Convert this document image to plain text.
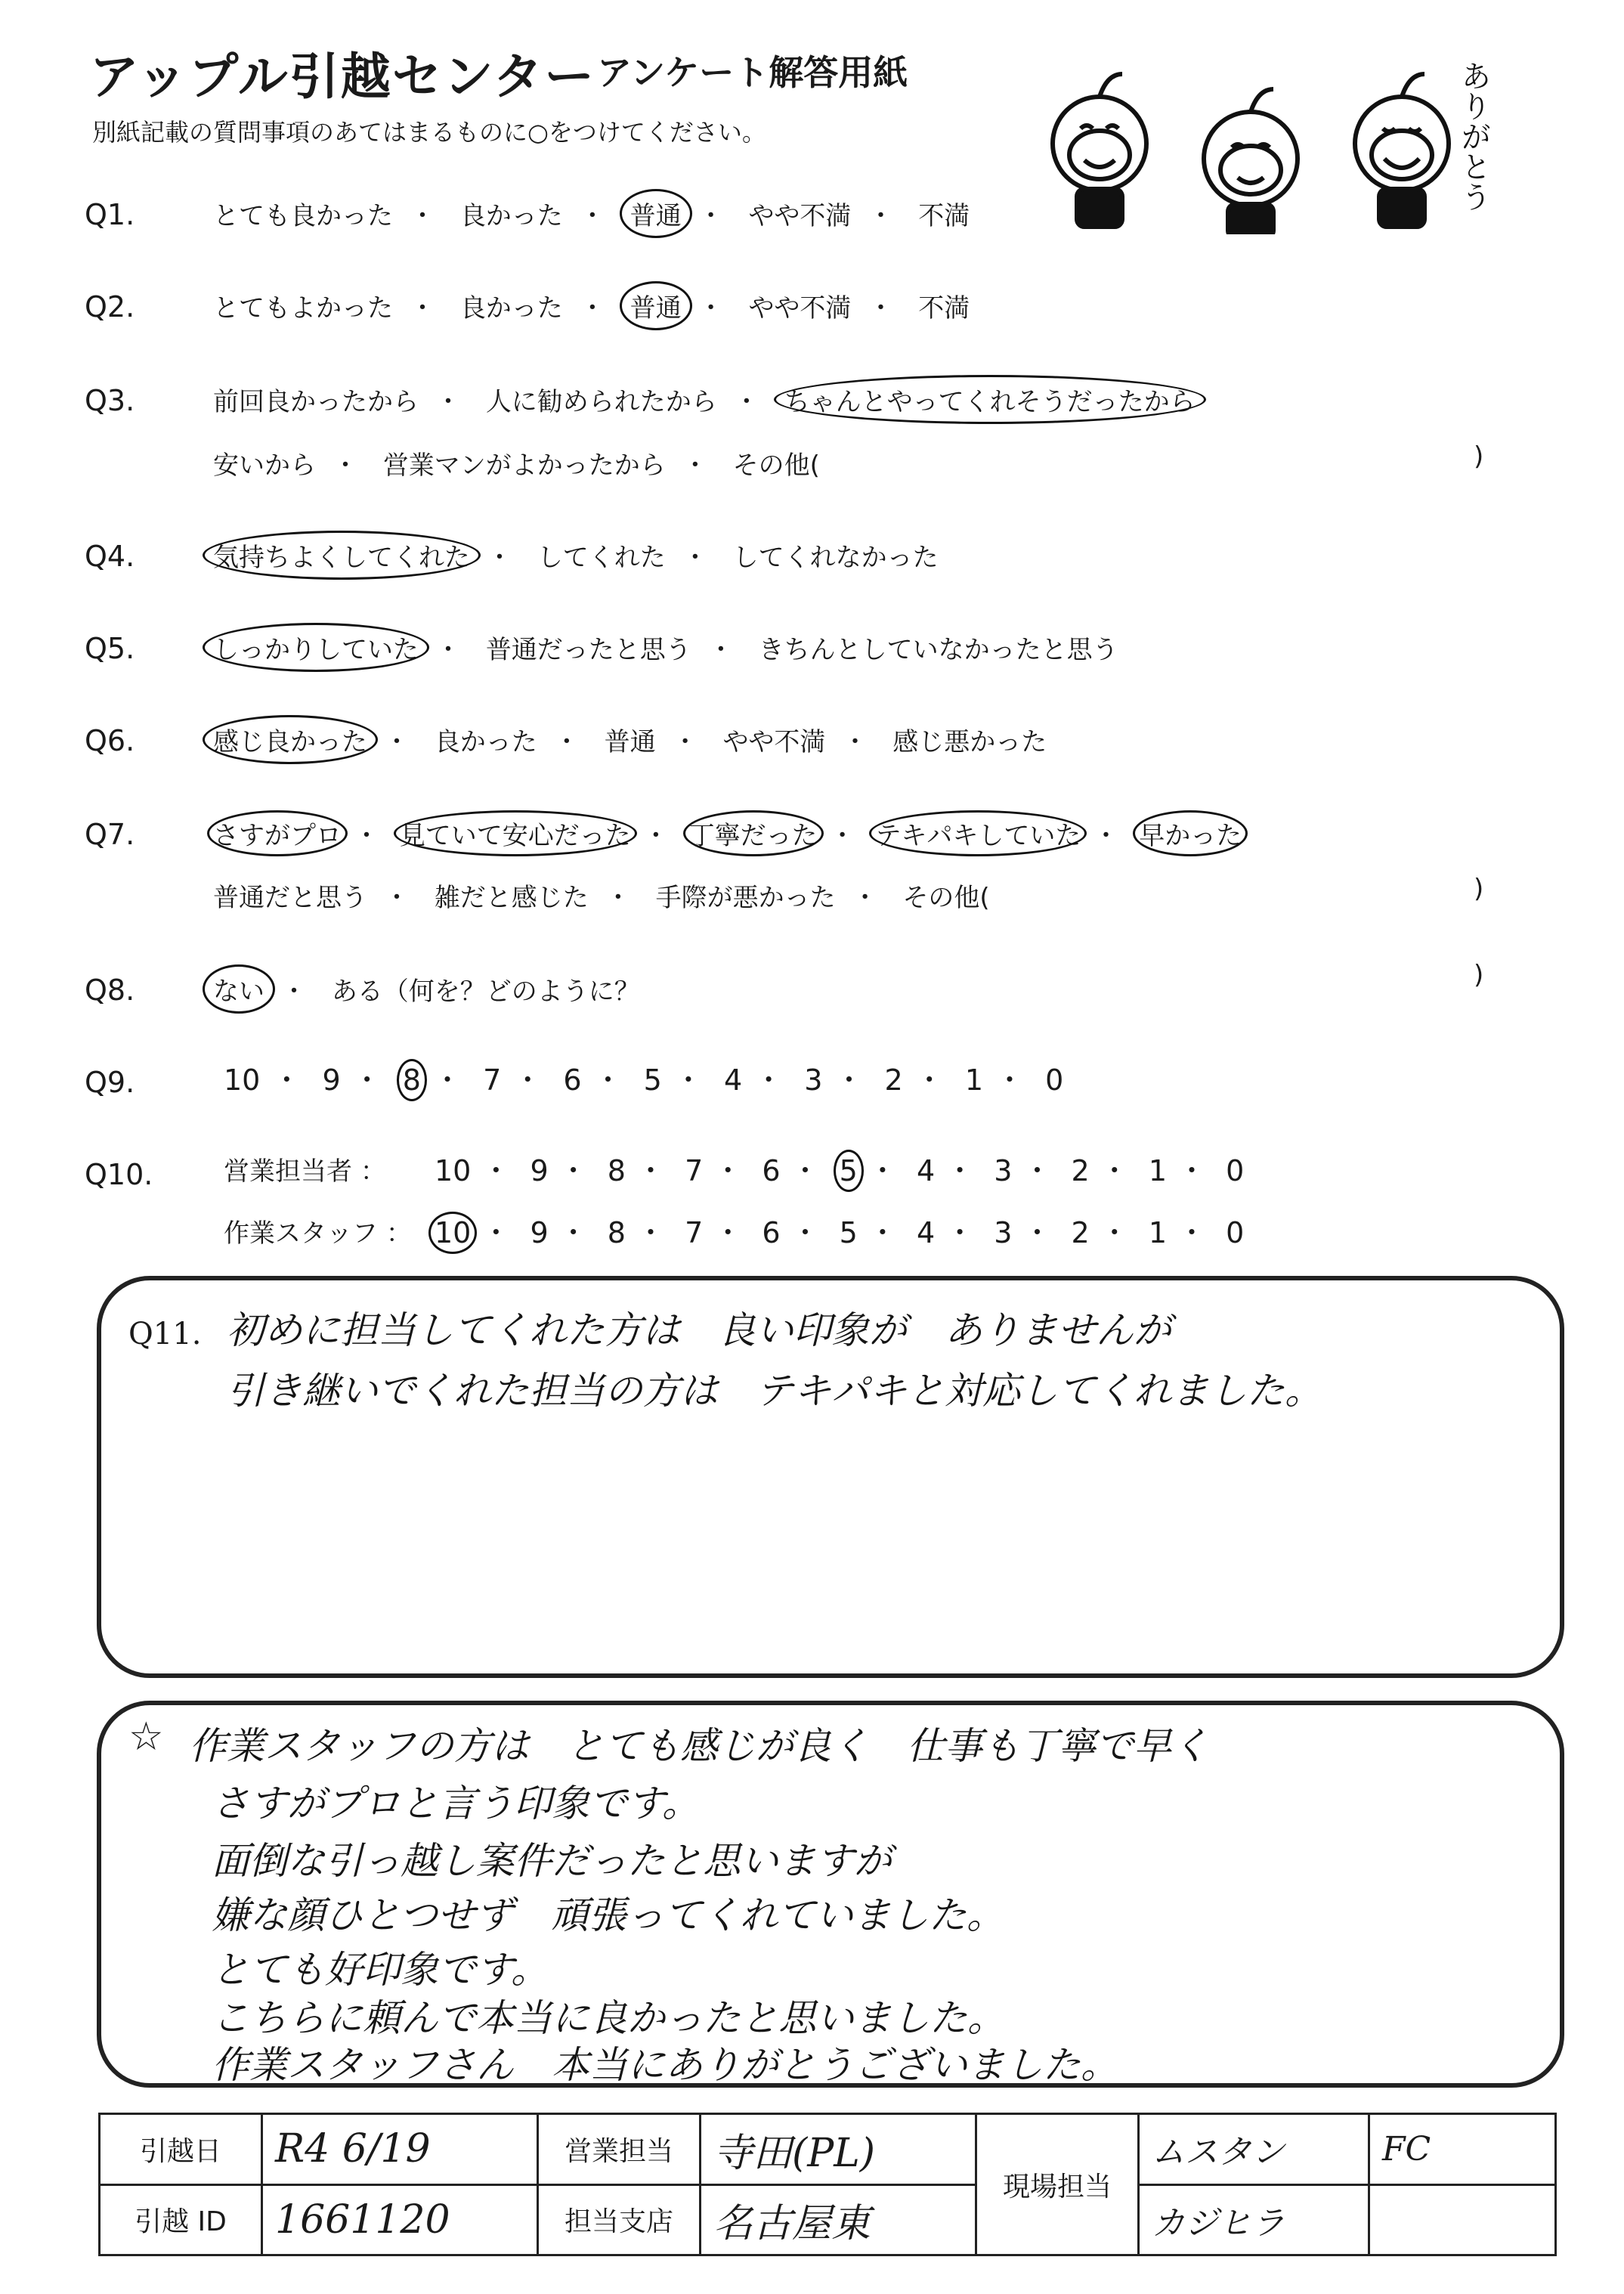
アップル引越センター アンケート解答用紙
別紙記載の質問事項のあてはまるものに○をつけてください。	ありがとう
Q1.	とても良かった ・ 良かった ・ 普通 ・ やや不満 ・ 不満
Q2.	とてもよかった ・ 良かった ・ 普通 ・ やや不満 ・ 不満
Q3.	前回良かったから ・ 人に勧められたから ・ ちゃんとやってくれそうだったから
安いから ・ 営業マンがよかったから ・ その他(	)
Q4.	気持ちよくしてくれた ・ してくれた ・ してくれなかった
Q5.	しっかりしていた ・ 普通だったと思う ・ きちんとしていなかったと思う
Q6.	感じ良かった ・ 良かった ・ 普通 ・ やや不満 ・ 感じ悪かった
Q7.	さすがプロ ・ 見ていて安心だった ・ 丁寧だった ・ テキパキしていた ・ 早かった
普通だと思う ・ 雑だと感じた ・ 手際が悪かった ・ その他(	)
Q8.	ない ・ ある（何を？どのように？
)
Q9.	10 ・ 9 ・ 8 ・ 7 ・ 6 ・ 5 ・ 4 ・ 3 ・ 2 ・ 1 ・ 0
Q10.	営業担当者 ： 10 ・ 9 ・ 8 ・ 7 ・ 6 ・ 5 ・ 4 ・ 3 ・ 2 ・ 1 ・ 0
作業スタッフ ： 10 ・ 9 ・ 8 ・ 7 ・ 6 ・ 5 ・ 4 ・ 3 ・ 2 ・ 1 ・ 0
Q11. 初めに担当してくれた方は　良い印象が　ありませんが
引き継いでくれた担当の方は　テキパキと対応してくれました。
☆ 作業スタッフの方は　とても感じが良く　仕事も丁寧で早く
さすがプロと言う印象です。
面倒な引っ越し案件だったと思いますが
嫌な顔ひとつせず　頑張ってくれていました。
とても好印象です。
こちらに頼んで本当に良かったと思いました。
作業スタッフさん　本当にありがとうございました。
引越日	R4 6/19	営業担当	寺田(PL)	現場担当	ムスタン	FC
引越 ID	1661120	担当支店	名古屋東		カジヒラ	
